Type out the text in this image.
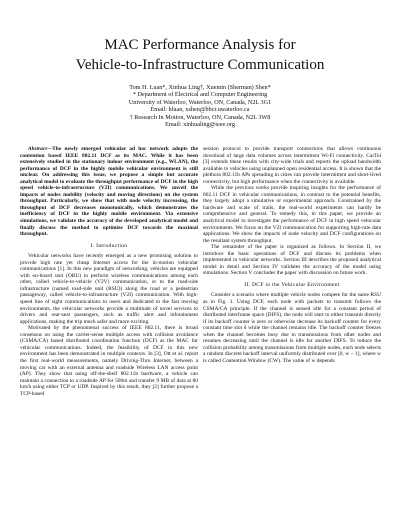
MAC Performance Analysis for
Vehicle-to-Infrastructure Communication
Tom H. Luan*, Xinhua Ling†, Xuemin (Sherman) Shen*
* Department of Electrical and Computer Engineering
University of Waterloo, Waterloo, ON, Canada, N2L 3G1
Email: hluan, xshen@bbcr.uwaterloo.ca
† Research In Motion, Waterloo, ON, Canada, N2L 3W8
Email: xinhualing@ieee.org

Abstract—The newly emerged vehicular ad hoc network adopts the contention based IEEE 802.11 DCF as its MAC. While it has been extensively studied in the stationary indoor environment (e.g., WLAN), the performance of DCF in the highly mobile vehicular environment is still unclear. On addressing this issue, we propose a simple but accurate analytical model to evaluate the throughput performance of DCF in the high speed vehicle-to-infrastructure (V2I) communications. We unveil the impacts of nodes mobility (velocity and moving directions) on the system throughput. Particularly, we show that with node velocity increasing, the throughput of DCF decreases monotonically, which demonstrates the inefficiency of DCF in the highly mobile environment. Via extensive simulations, we validate the accuracy of the developed analytical model and finally discuss the method to optimize DCF towards the maximal throughput.

I. Introduction

Vehicular networks have recently emerged as a new promising solution to provide high rate yet cheap Internet access for the in-motion vehicular communications [1]. In this new paradigm of networking, vehicles are equipped with on-board unit (OBU) to perform wireless communications among each other, called vehicle-to-vehicle (V2V) communication, or to the road-side infrastructure (named road-side unit (RSU)) along the road or a pedestrian passageway, called vehicle-to-infrastructure (V2I) communication. With high-speed line of sight communications to users and dedicated to the fast moving environments, the vehicular networks provide a multitude of novel services to drivers and rear-seat passengers, such as traffic alert and infotainment applications, making the trip much safer and more exciting.

Motivated by the phenomenal success of IEEE 802.11, there is broad consensus on using the carrier-sense multiple access with collision avoidance (CSMA/CA) based distributed coordination function (DCF) as the MAC for vehicular communications. Indeed, the feasibility of DCF in this new environment has been demonstrated in multiple contexts. In [3], Ott et al. report the first real-world measurements, namely Driving-Thru Internet, between a moving car with an external antenna and roadside Wireless LAN access point (AP). They show that using off-the-shelf 802.11b hardware, a vehicle can maintain a connection to a roadside AP for 500m and transfer 9 MB of data at 80 km/h using either TCP or UDP. Inspired by this result, they [2] further propose a TCP-based

session protocol to provide transport connections that allows continuous download of large data volumes across intermittent Wi-Fi connectivity. CarTel [3] extends these results with city-wide trials and reports the upload bandwidth available to vehicles using unplanned open residential access. It is shown that the plethora 802.11b APs spreading in cities can provide intermittent and short-lived connectivity, but high performance when the connectivity is available.

While the previous works provide inspiring insights for the performance of 802.11 DCF in vehicular communications, in contrast to the potential benefits, they largely adopt a simulative or experimental approach. Constrained by the hardware and scale of trails, the real-world experiments can hardly be comprehensive and general. To remedy this, in this paper, we provide an analytical model to investigate the performance of DCF in high speed vehicular environments. We focus on the V2I communication for supporting high-rate data applications. We show the impacts of node velocity and DCF configurations on the resultant system throughput.

The remainder of the paper is organized as follows. In Section II, we introduce the basic operations of DCF and discuss its problems when implemented in vehicular networks. Section III describes the proposed analytical model in detail and Section IV validates the accuracy of the model using simulations. Section V concludes the paper with discussion on future work.

II. DCF in the Vehicular Environment

Consider a scenario where multiple vehicle nodes compete for the same RSU as in Fig. 1. Using DCF, each node with packets to transmit follows the CSMA/CA principle. If the channel is sensed idle for a constant period of distributed interframe space (DIFS), the node will start to either transmit directly if its backoff counter is zero or otherwise decrease its backoff counter for every constant time slot δ while the channel remains idle. The backoff counter freezes when the channel becomes busy due to transmissions from other nodes and resumes decreasing until the channel is idle for another DIFS. To reduce the collision probability among transmissions from multiple nodes, each node selects a random discrete backoff interval uniformly distributed over [0, w − 1], where w is called Contention Window (CW). The value of w depends
